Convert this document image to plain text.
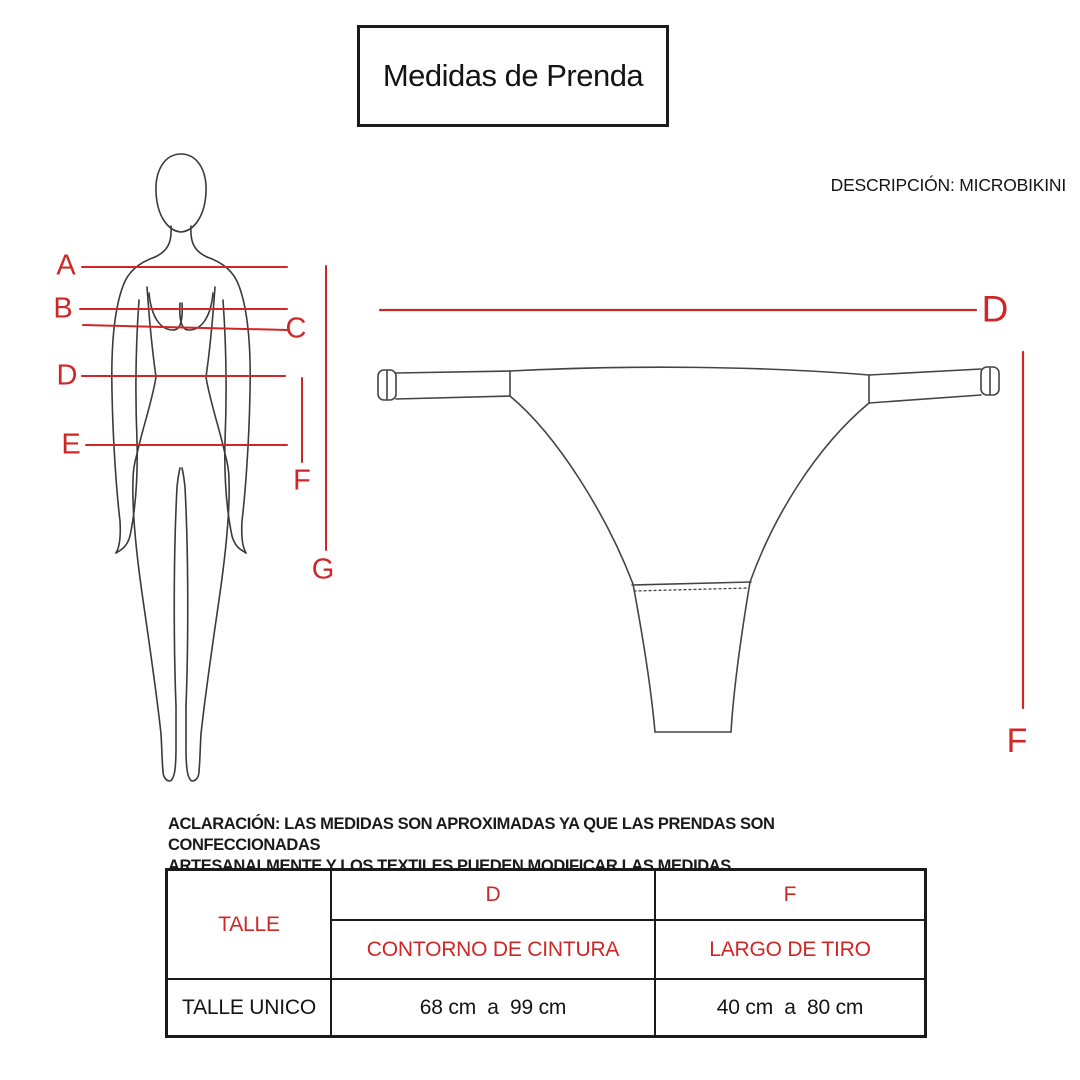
Medidas de Prenda
DESCRIPCIÓN: MICROBIKINI
A
B
C
D
E
F
G
D
F
ACLARACIÓN: LAS MEDIDAS SON APROXIMADAS YA QUE LAS PRENDAS SON CONFECCIONADAS
ARTESANALMENTE Y LOS TEXTILES PUEDEN MODIFICAR LAS MEDIDAS.
TALLE
D	F
CONTORNO DE CINTURA	LARGO DE TIRO
TALLE UNICO	68 cm  a  99 cm	40 cm  a  80 cm
